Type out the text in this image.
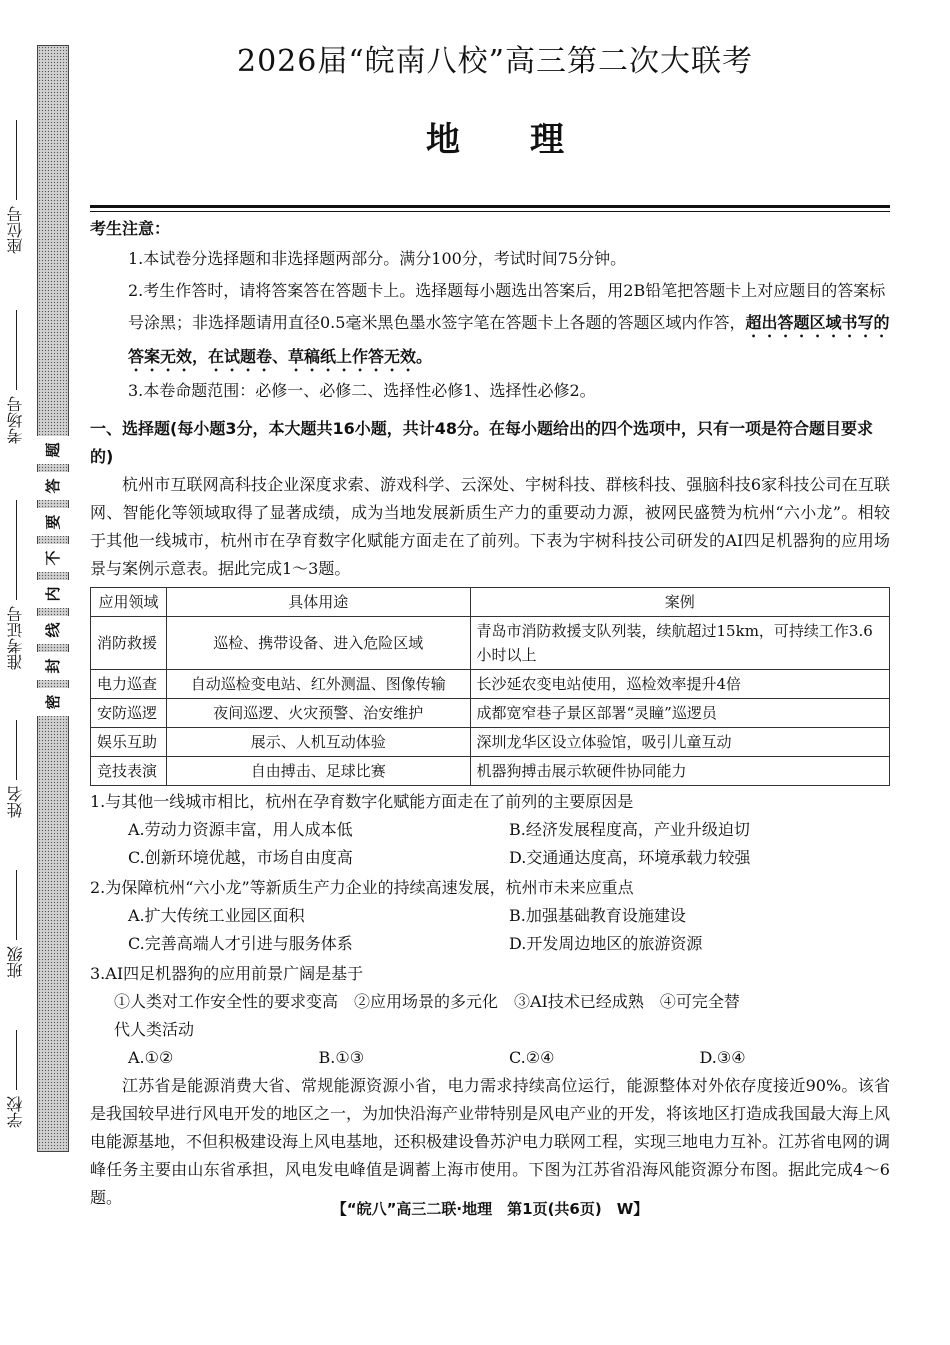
座位号
考场号
准考证号
姓名
班级
学校
题
答
要
不
内
线
封
密
2026届“皖南八校”高三第二次大联考
地理
考生注意：
1.本试卷分选择题和非选择题两部分。满分100分，考试时间75分钟。
2.考生作答时，请将答案答在答题卡上。选择题每小题选出答案后，用2B铅笔把答题卡上对应题目的答案标号涂黑；非选择题请用直径0.5毫米黑色墨水签字笔在答题卡上各题的答题区域内作答，超出答题区域书写的答案无效，在试题卷、草稿纸上作答无效。
3.本卷命题范围：必修一、必修二、选择性必修1、选择性必修2。
一、选择题(每小题3分，本大题共16小题，共计48分。在每小题给出的四个选项中，只有一项是符合题目要求的)
杭州市互联网高科技企业深度求索、游戏科学、云深处、宇树科技、群核科技、强脑科技6家科技公司在互联网、智能化等领域取得了显著成绩，成为当地发展新质生产力的重要动力源，被网民盛赞为杭州“六小龙”。相较于其他一线城市，杭州市在孕育数字化赋能方面走在了前列。下表为宇树科技公司研发的AI四足机器狗的应用场景与案例示意表。据此完成1～3题。
应用领域	具体用途	案例
消防救援	巡检、携带设备、进入危险区域	青岛市消防救援支队列装，续航超过15km，可持续工作3.6小时以上
电力巡查	自动巡检变电站、红外测温、图像传输	长沙延农变电站使用，巡检效率提升4倍
安防巡逻	夜间巡逻、火灾预警、治安维护	成都宽窄巷子景区部署“灵瞳”巡逻员
娱乐互助	展示、人机互动体验	深圳龙华区设立体验馆，吸引儿童互动
竞技表演	自由搏击、足球比赛	机器狗搏击展示软硬件协同能力
1.与其他一线城市相比，杭州在孕育数字化赋能方面走在了前列的主要原因是
A.劳动力资源丰富，用人成本低	B.经济发展程度高，产业升级迫切
C.创新环境优越，市场自由度高	D.交通通达度高，环境承载力较强
2.为保障杭州“六小龙”等新质生产力企业的持续高速发展，杭州市未来应重点
A.扩大传统工业园区面积	B.加强基础教育设施建设
C.完善高端人才引进与服务体系	D.开发周边地区的旅游资源
3.AI四足机器狗的应用前景广阔是基于
①人类对工作安全性的要求变高　②应用场景的多元化　③AI技术已经成熟　④可完全替
代人类活动
A.①②	B.①③	C.②④	D.③④
江苏省是能源消费大省、常规能源资源小省，电力需求持续高位运行，能源整体对外依存度接近90%。该省是我国较早进行风电开发的地区之一，为加快沿海产业带特别是风电产业的开发，将该地区打造成我国最大海上风电能源基地，不但积极建设海上风电基地，还积极建设鲁苏沪电力联网工程，实现三地电力互补。江苏省电网的调峰任务主要由山东省承担，风电发电峰值是调蓄上海市使用。下图为江苏省沿海风能资源分布图。据此完成4～6题。
【“皖八”高三二联·地理　第1页(共6页)　W】
